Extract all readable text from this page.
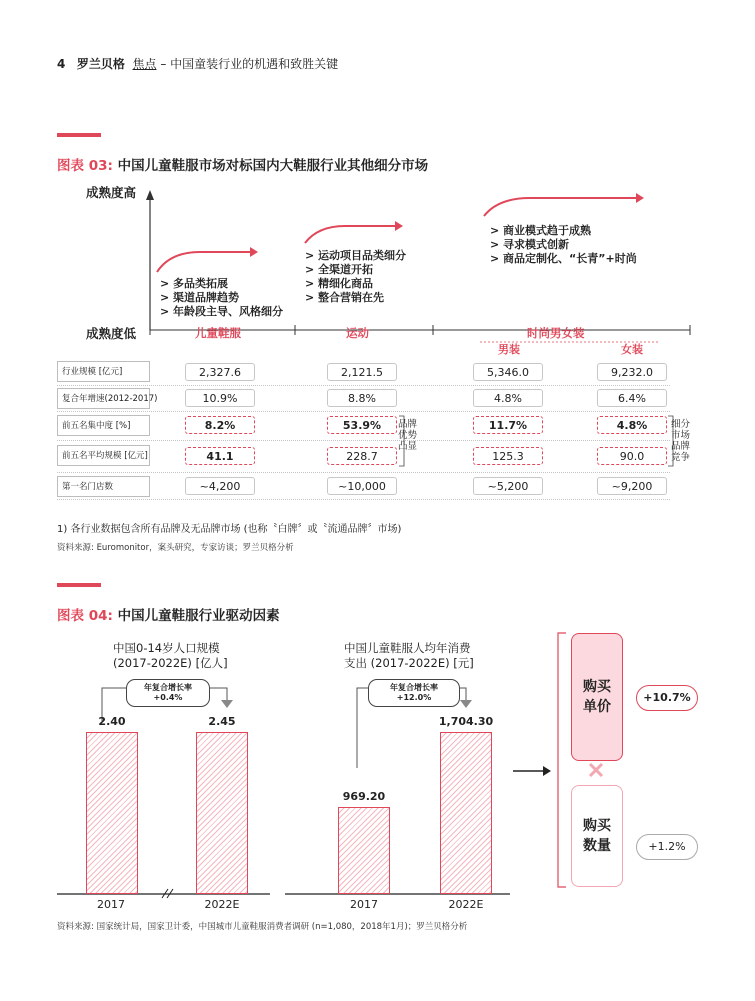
4 罗兰贝格 焦点 – 中国童装行业的机遇和致胜关键
图表 03: 中国儿童鞋服市场对标国内大鞋服行业其他细分市场
成熟度高
成熟度低
> 多品类拓展
> 渠道品牌趋势
> 年龄段主导、风格细分
> 运动项目品类细分
> 全渠道开拓
> 精细化商品
> 整合营销在先
> 商业模式趋于成熟
> 寻求模式创新
> 商品定制化、“长青”+时尚
儿童鞋服	运动	时尚男女装
男装	女装
行业规模 [亿元]	2,327.6	2,121.5	5,346.0	9,232.0
复合年增速(2012-2017)	10.9%	8.8%	4.8%	6.4%
前五名集中度 [%]	8.2%	53.9%	11.7%	4.8%
前五名平均规模 [亿元]	41.1	228.7	125.3	90.0
第一名门店数	~4,200	~10,000	~5,200	~9,200
品牌
优势
凸显
细分
市场
品牌
竞争
1) 各行业数据包含所有品牌及无品牌市场 (也称〝白牌〞或〝流通品牌〞市场)
资料来源: Euromonitor，案头研究，专家访谈；罗兰贝格分析
图表 04: 中国儿童鞋服行业驱动因素
中国0-14岁人口规模
(2017-2022E) [亿人]
中国儿童鞋服人均年消费
支出 (2017-2022E) [元]
年复合增长率
+0.4%
年复合增长率
+12.0%
2.40	2.45
969.20
1,704.30
2017	2022E	2017	2022E
购买
单价
购买
数量
+10.7%
+1.2%
资料来源: 国家统计局，国家卫计委，中国城市儿童鞋服消费者调研 (n=1,080，2018年1月)；罗兰贝格分析
